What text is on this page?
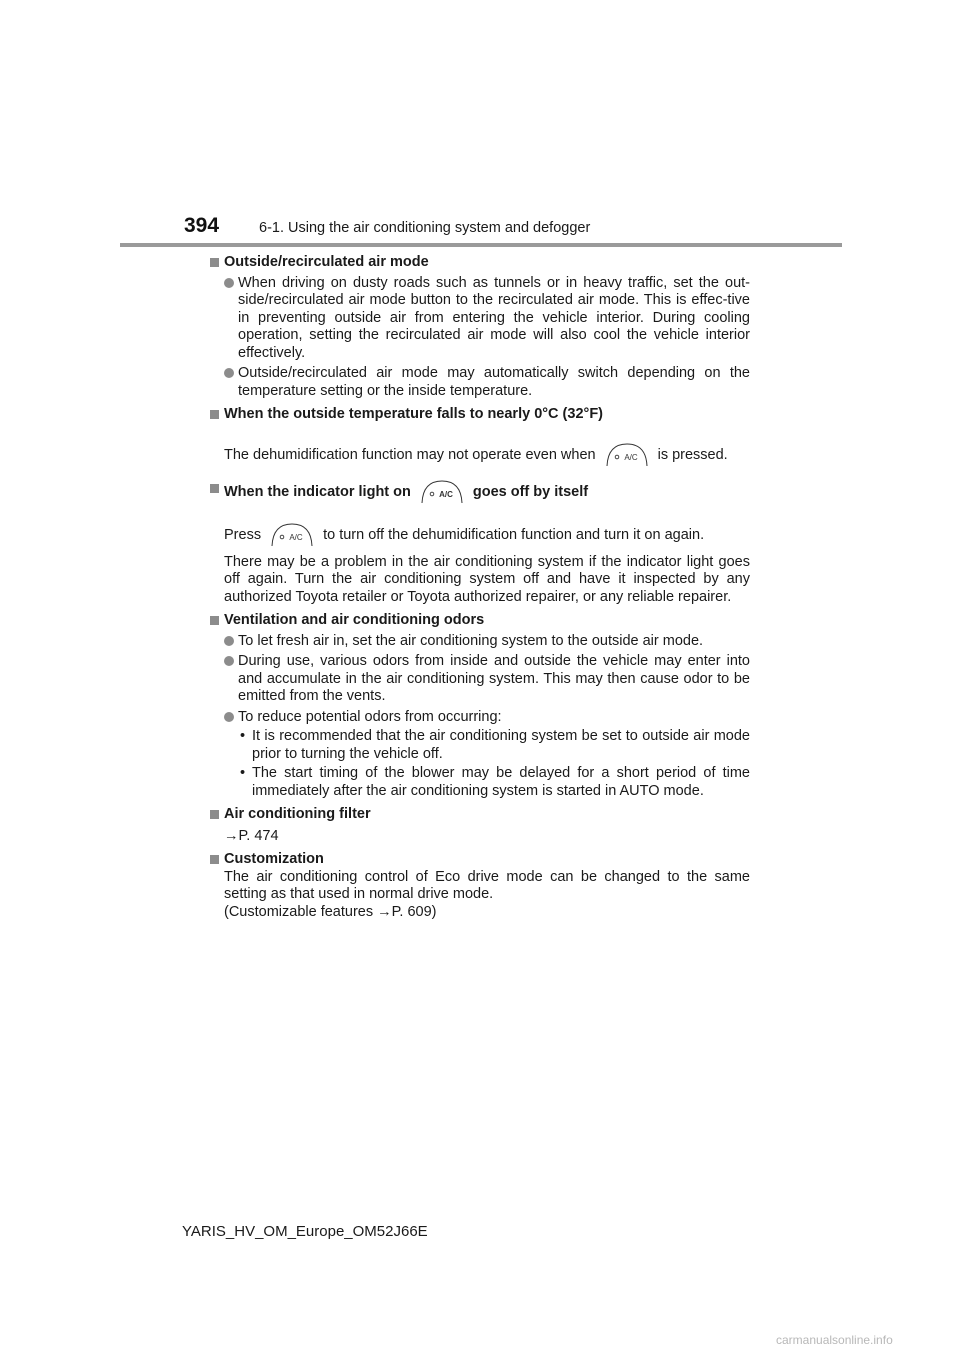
394	6-1. Using the air conditioning system and defogger
Outside/recirculated air mode
When driving on dusty roads such as tunnels or in heavy traffic, set the out-side/recirculated air mode button to the recirculated air mode. This is effec-tive in preventing outside air from entering the vehicle interior. During cooling operation, setting the recirculated air mode will also cool the vehicle interior effectively.
Outside/recirculated air mode may automatically switch depending on the temperature setting or the inside temperature.
When the outside temperature falls to nearly 0°C (32°F)
The dehumidification function may not operate even when	A/C is pressed.
When the indicator light on	A/C goes off by itself
Press	A/C to turn off the dehumidification function and turn it on again.
There may be a problem in the air conditioning system if the indicator light goes off again. Turn the air conditioning system off and have it inspected by any authorized Toyota retailer or Toyota authorized repairer, or any reliable repairer.
Ventilation and air conditioning odors
To let fresh air in, set the air conditioning system to the outside air mode.
During use, various odors from inside and outside the vehicle may enter into and accumulate in the air conditioning system. This may then cause odor to be emitted from the vents.
To reduce potential odors from occurring:
• It is recommended that the air conditioning system be set to outside air mode prior to turning the vehicle off.
• The start timing of the blower may be delayed for a short period of time immediately after the air conditioning system is started in AUTO mode.
Air conditioning filter
→P. 474
Customization
The air conditioning control of Eco drive mode can be changed to the same setting as that used in normal drive mode.
(Customizable features →P. 609)
YARIS_HV_OM_Europe_OM52J66E
carmanualsonline.info
